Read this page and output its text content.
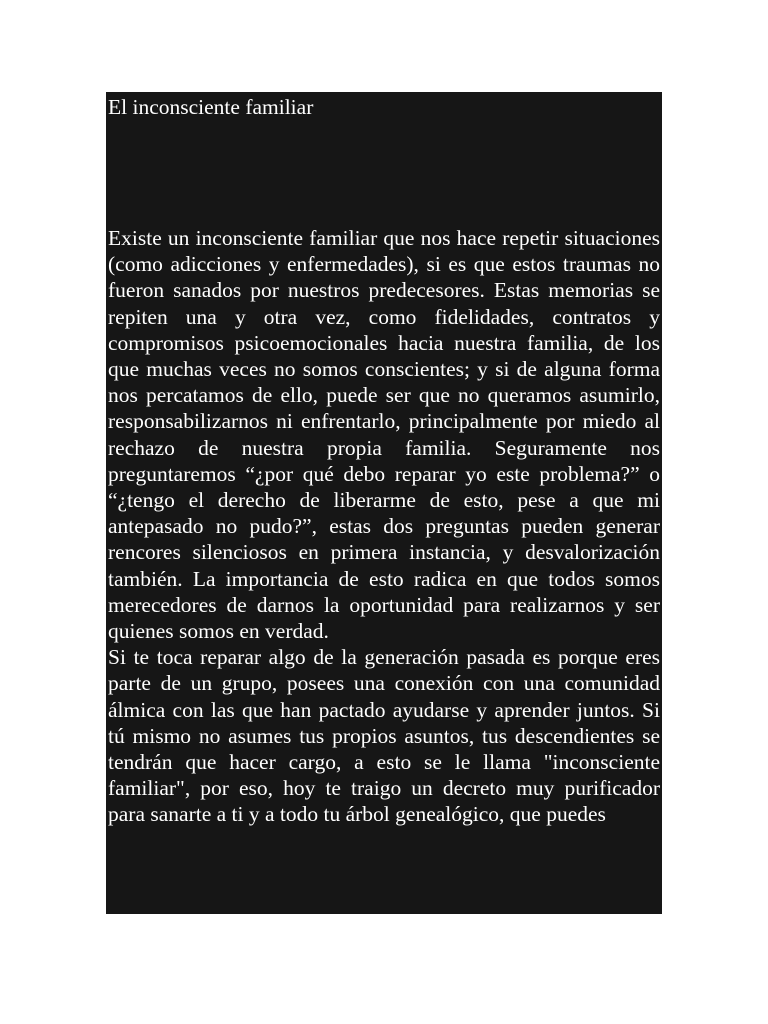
El inconsciente familiar

Existe un inconsciente familiar que nos hace repetir situaciones (como adicciones y enfermedades), si es que estos traumas no fueron sanados por nuestros predecesores. Estas memorias se repiten una y otra vez, como fidelidades, contratos y compromisos psicoemocionales hacia nuestra familia, de los que muchas veces no somos conscientes; y si de alguna forma nos percatamos de ello, puede ser que no queramos asumirlo, responsabilizarnos ni enfrentarlo, principalmente por miedo al rechazo de nuestra propia familia. Seguramente nos preguntaremos “¿por qué debo reparar yo este problema?” o “¿tengo el derecho de liberarme de esto, pese a que mi antepasado no pudo?”, estas dos preguntas pueden generar rencores silenciosos en primera instancia, y desvalorización también. La importancia de esto radica en que todos somos merecedores de darnos la oportunidad para realizarnos y ser quienes somos en verdad.

Si te toca reparar algo de la generación pasada es porque eres parte de un grupo, posees una conexión con una comunidad álmica con las que han pactado ayudarse y aprender juntos. Si tú mismo no asumes tus propios asuntos, tus descendientes se tendrán que hacer cargo, a esto se le llama "inconsciente familiar", por eso, hoy te traigo un decreto muy purificador para sanarte a ti y a todo tu árbol genealógico, que puedes
